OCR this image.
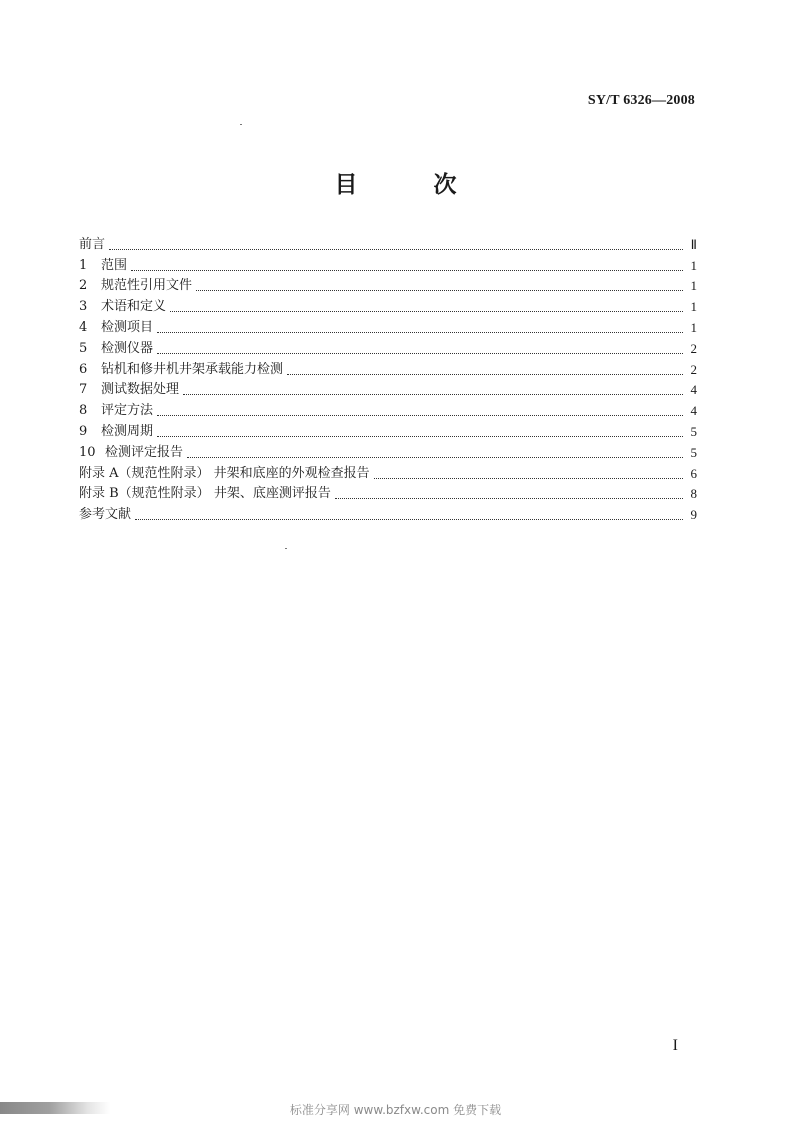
SY/T 6326—2008
目 次
前言	Ⅱ
1	范围	1
2	规范性引用文件	1
3	术语和定义	1
4	检测项目	1
5	检测仪器	2
6	钻机和修井机井架承载能力检测	2
7	测试数据处理	4
8	评定方法	4
9	检测周期	5
10 检测评定报告	5
附录 A（规范性附录） 井架和底座的外观检查报告	6
附录 B（规范性附录） 井架、底座测评报告	8
参考文献	9
I
标准分享网 www.bzfxw.com 免费下载
